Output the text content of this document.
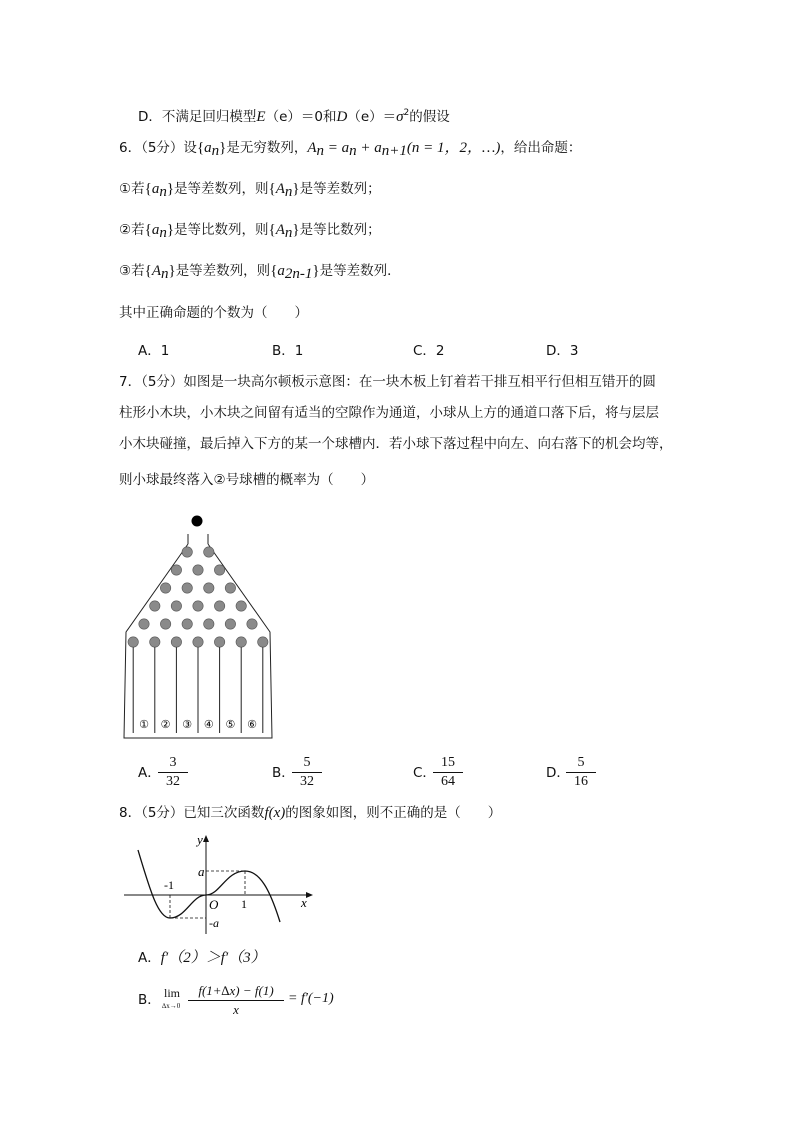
D．不满足回归模型E（e）＝0和$D(e)=\sigma^2$的假设
6．（5分）设$\{a_n\}$是无穷数列，$A_n = a_n + a_{n+1}(n = 1$，2，…)，给出命题：
①若$\{a_n\}$是等差数列，则$\{A_n\}$是等差数列；
②若$\{a_n\}$是等比数列，则$\{A_n\}$是等比数列；
③若$\{A_n\}$是等差数列，则$\{a_{2n-1}\}$是等差数列．
其中正确命题的个数为（　　）
A．1	B．1	C．2	D．3
7．（5分）如图是一块高尔顿板示意图：在一块木板上钉着若干排互相平行但相互错开的圆
柱形小木块，小木块之间留有适当的空隙作为通道，小球从上方的通道口落下后，将与层层
小木块碰撞，最后掉入下方的某一个球槽内．若小球下落过程中向左、向右落下的机会均等，
则小球最终落入②号球槽的概率为（　　）
① ② ③ ④ ⑤ ⑥
A．
$\frac{3}{32}$	B．
$\frac{5}{32}$	C．
$\frac{15}{64}$	D．
$\frac{5}{16}$
8．（5分）已知三次函数f(x)的图象如图，则不正确的是（　　）
y
x
O
a
-a
-1
1
A．f′（2）＞f′（3）
B． lim
$\Delta x\to 0 \frac{f(1+\Delta x) - f(1)}{x} = f'(-1)$
